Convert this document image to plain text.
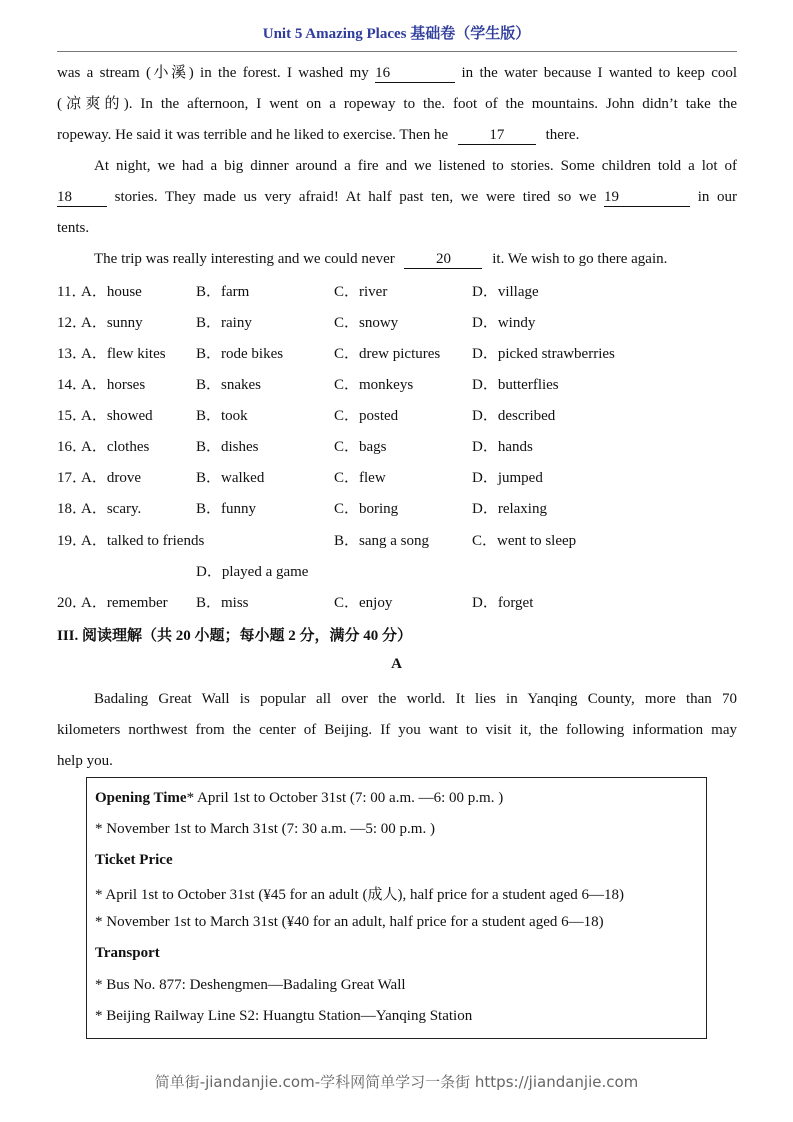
Unit 5 Amazing Places 基础卷（学生版）
was a stream (小溪) in the forest. I washed my 16	in the water because I wanted to keep cool
(凉爽的). In the afternoon, I went on a ropeway to the. foot of the mountains. John didn’t take the
ropeway. He said it was terrible and he liked to exercise. Then he	17	there.
At night, we had a big dinner around a fire and we listened to stories. Some children told a lot of
18	stories. They made us very afraid! At half past ten, we were tired so we 19	in our
tents.
The trip was really interesting and we could never	20	it. We wish to go there again.
11．
A．house	B．farm	C．river	D．village
12．
A．sunny	B．rainy	C．snowy	D．windy
13．
A．flew kites B．rode bikes	C．drew pictures D．picked strawberries
14．
A．horses	B．snakes	C．monkeys	D．butterflies
15．
A．showed	B．took	C．posted	D．described
16．
A．clothes	B．dishes	C．bags	D．hands
17．
A．drove	B．walked	C．flew	D．jumped
18．
A．scary.	B．funny	C．boring	D．relaxing
19．
A．talked to friends	B．sang a song	C．went to sleep
D．played a game
20．
A．remember B．miss	C．enjoy	D．forget
III. 阅读理解（共 20 小题；每小题 2 分，满分 40 分）
A
Badaling Great Wall is popular all over the world. It lies in Yanqing County, more than 70
kilometers northwest from the center of Beijing. If you want to visit it, the following information may
help you.
Opening Time* April 1st to October 31st (7: 00 a.m. —6: 00 p.m. )
* November 1st to March 31st (7: 30 a.m. —5: 00 p.m. )
Ticket Price
* April 1st to October 31st (¥45 for an adult (成人), half price for a student aged 6—18)
* November 1st to March 31st (¥40 for an adult, half price for a student aged 6—18)
Transport
* Bus No. 877: Deshengmen—Badaling Great Wall
* Beijing Railway Line S2: Huangtu Station—Yanqing Station
简单街-jiandanjie.com-学科网简单学习一条街 https://jiandanjie.com
